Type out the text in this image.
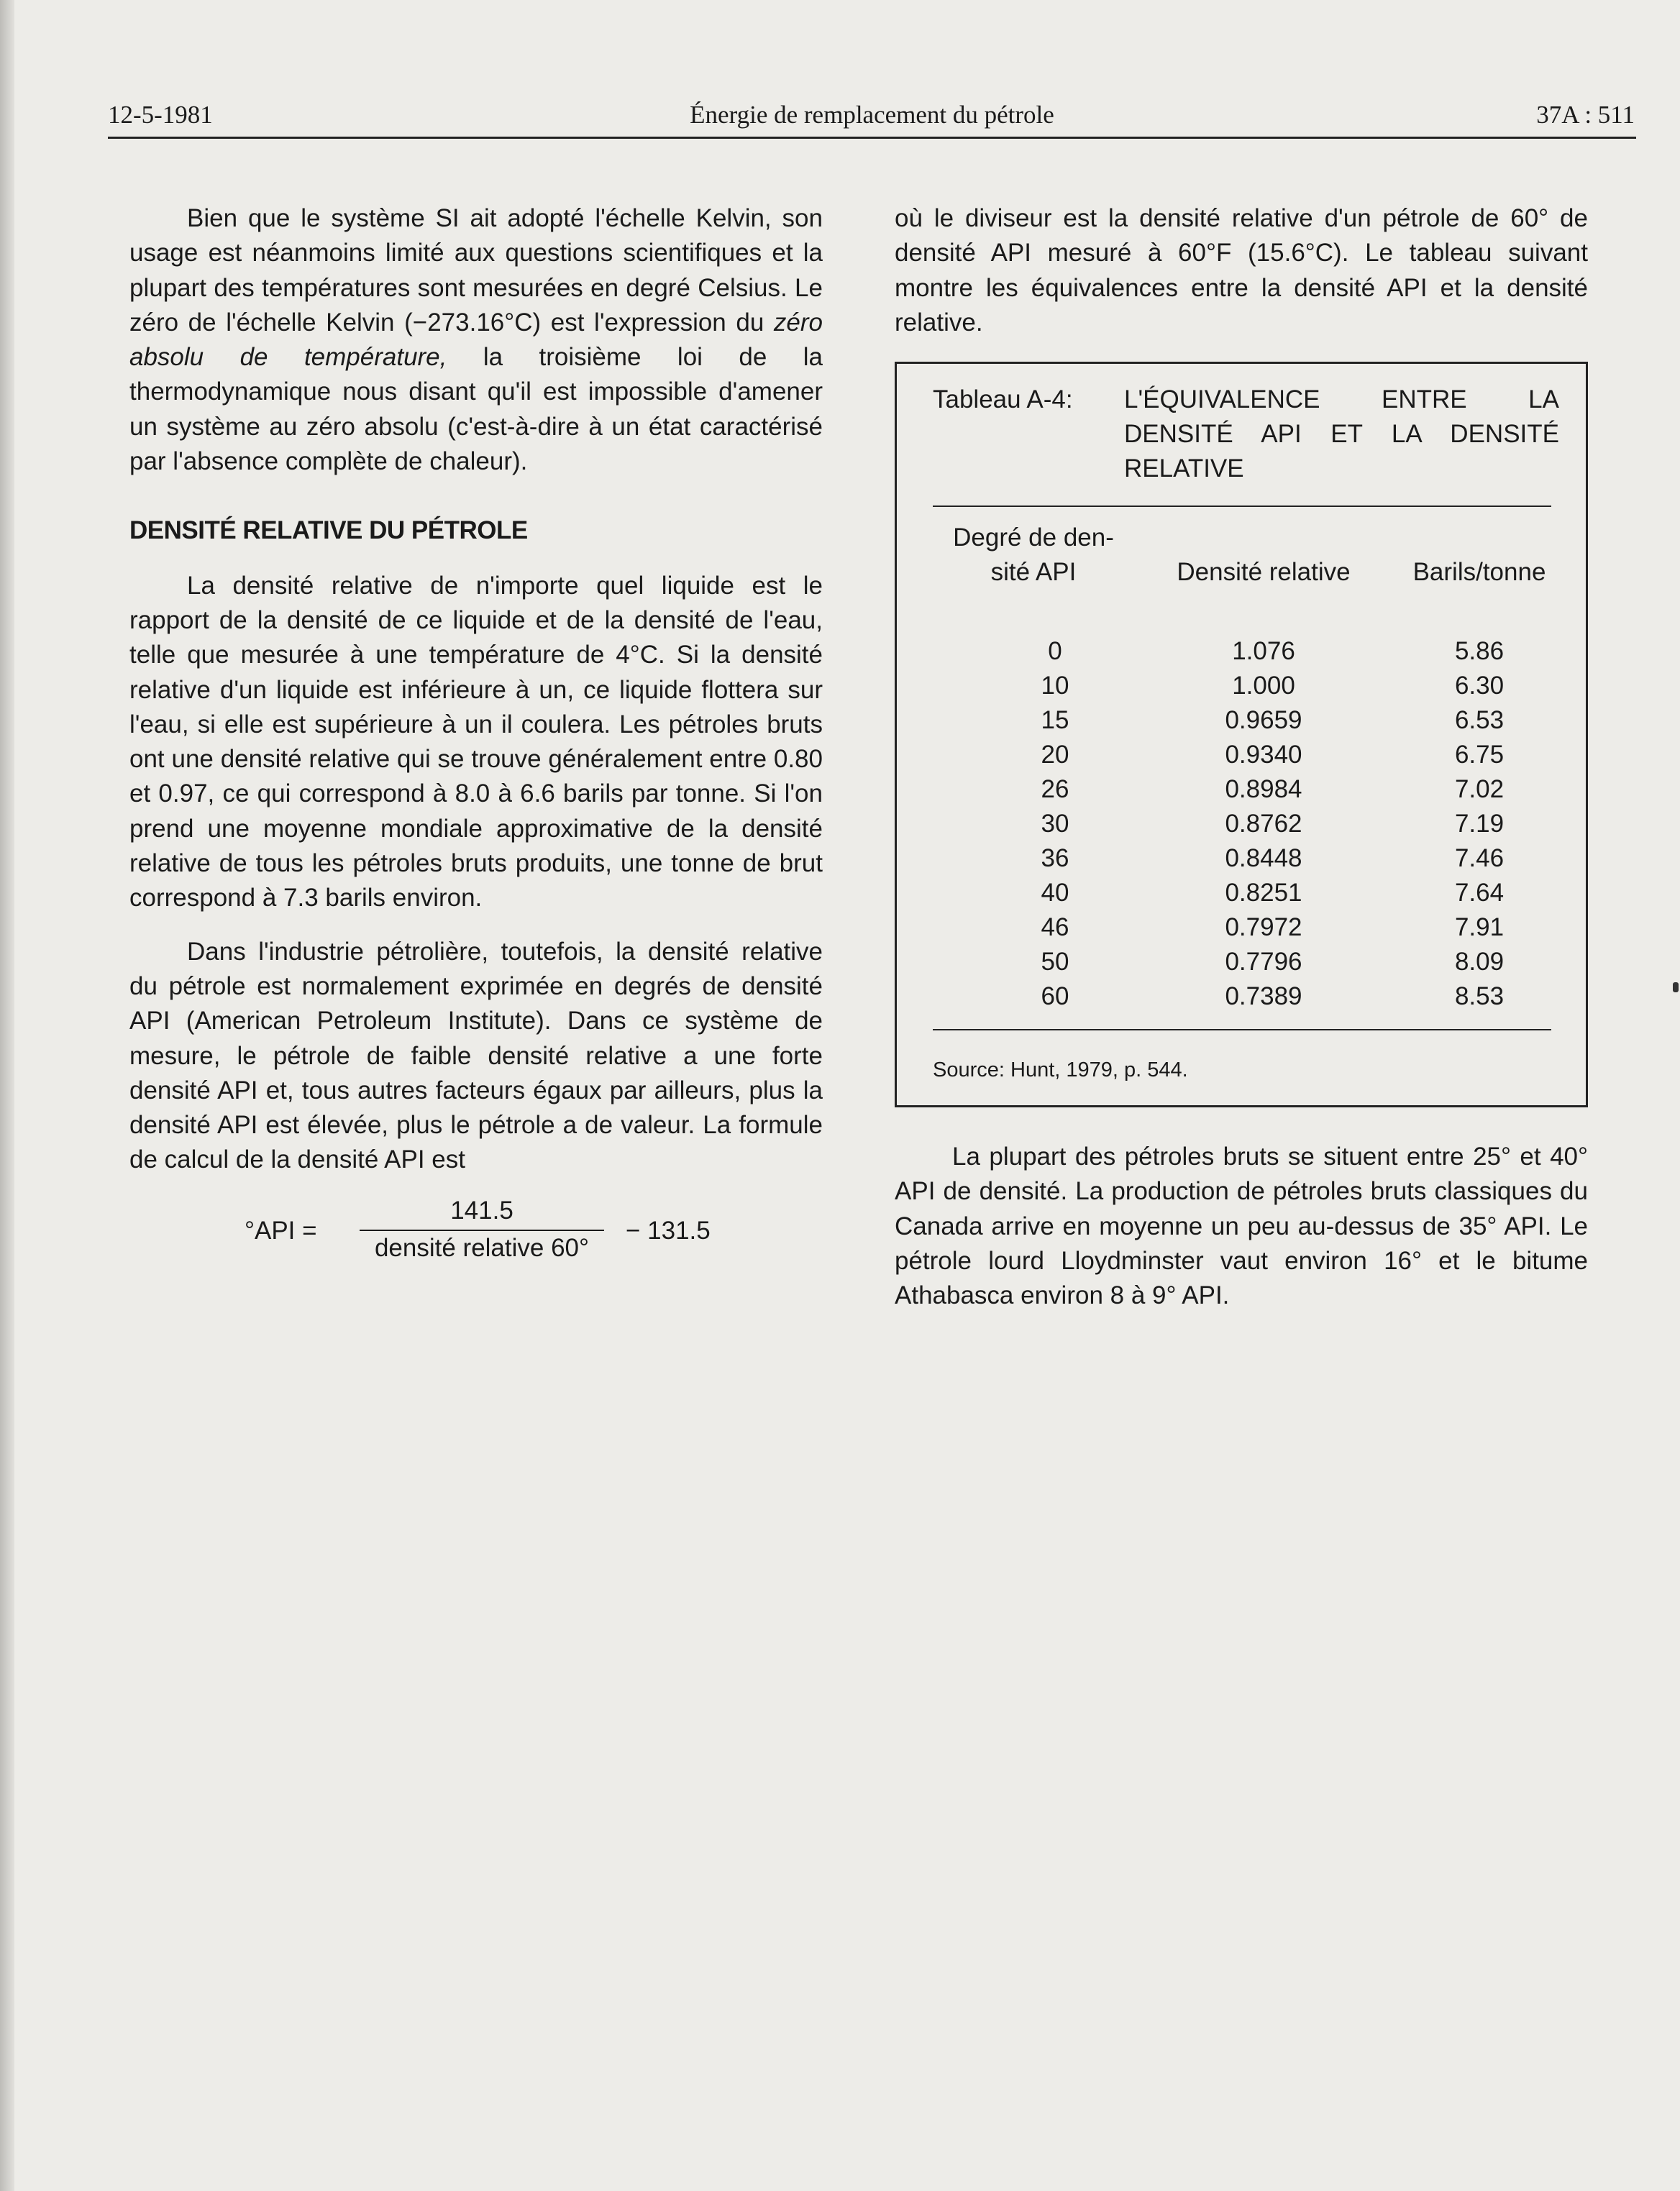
12-5-1981	Énergie de remplacement du pétrole	37A : 511

Bien que le système SI ait adopté l'échelle Kelvin, son usage est néanmoins limité aux questions scientifiques et la plupart des températures sont mesurées en degré Celsius. Le zéro de l'échelle Kelvin (−273.16°C) est l'expression du zéro absolu de température, la troisième loi de la thermodynamique nous disant qu'il est impossible d'amener un système au zéro absolu (c'est-à-dire à un état caractérisé par l'absence complète de chaleur).

DENSITÉ RELATIVE DU PÉTROLE

La densité relative de n'importe quel liquide est le rapport de la densité de ce liquide et de la densité de l'eau, telle que mesurée à une température de 4°C. Si la densité relative d'un liquide est inférieure à un, ce liquide flottera sur l'eau, si elle est supérieure à un il coulera. Les pétroles bruts ont une densité relative qui se trouve généralement entre 0.80 et 0.97, ce qui correspond à 8.0 à 6.6 barils par tonne. Si l'on prend une moyenne mondiale approximative de la densité relative de tous les pétroles bruts produits, une tonne de brut correspond à 7.3 barils environ.

Dans l'industrie pétrolière, toutefois, la densité relative du pétrole est normalement exprimée en degrés de densité API (American Petroleum Institute). Dans ce système de mesure, le pétrole de faible densité relative a une forte densité API et, tous autres facteurs égaux par ailleurs, plus la densité API est élevée, plus le pétrole a de valeur. La formule de calcul de la densité API est

°API =
141.5
densité relative 60°
− 131.5

où le diviseur est la densité relative d'un pétrole de 60° de densité API mesuré à 60°F (15.6°C). Le tableau suivant montre les équivalences entre la densité API et la densité relative.

Tableau A-4: L'ÉQUIVALENCE ENTRE LA DENSITÉ API ET LA DENSITÉ RELATIVE
Degré de den-
sité API	Densité relative	Barils/tonne
0	1.076	5.86
10	1.000	6.30
15	0.9659	6.53
20	0.9340	6.75
26	0.8984	7.02
30	0.8762	7.19
36	0.8448	7.46
40	0.8251	7.64
46	0.7972	7.91
50	0.7796	8.09
60	0.7389	8.53
Source: Hunt, 1979, p. 544.

La plupart des pétroles bruts se situent entre 25° et 40° API de densité. La production de pétroles bruts classiques du Canada arrive en moyenne un peu au-dessus de 35° API. Le pétrole lourd Lloydminster vaut environ 16° et le bitume Athabasca environ 8 à 9° API.
